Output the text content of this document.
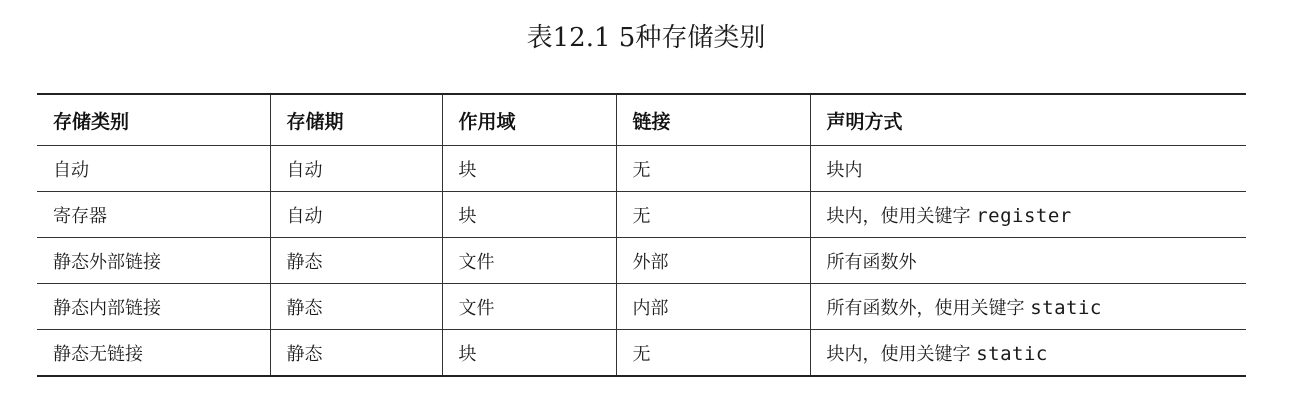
表12.1 5种存储类别
存储类别	存储期	作用域	链接	声明方式
自动	自动	块	无	块内
寄存器	自动	块	无	块内，使用关键字 register
静态外部链接	静态	文件	外部	所有函数外
静态内部链接	静态	文件	内部	所有函数外，使用关键字 static
静态无链接	静态	块	无	块内，使用关键字 static
